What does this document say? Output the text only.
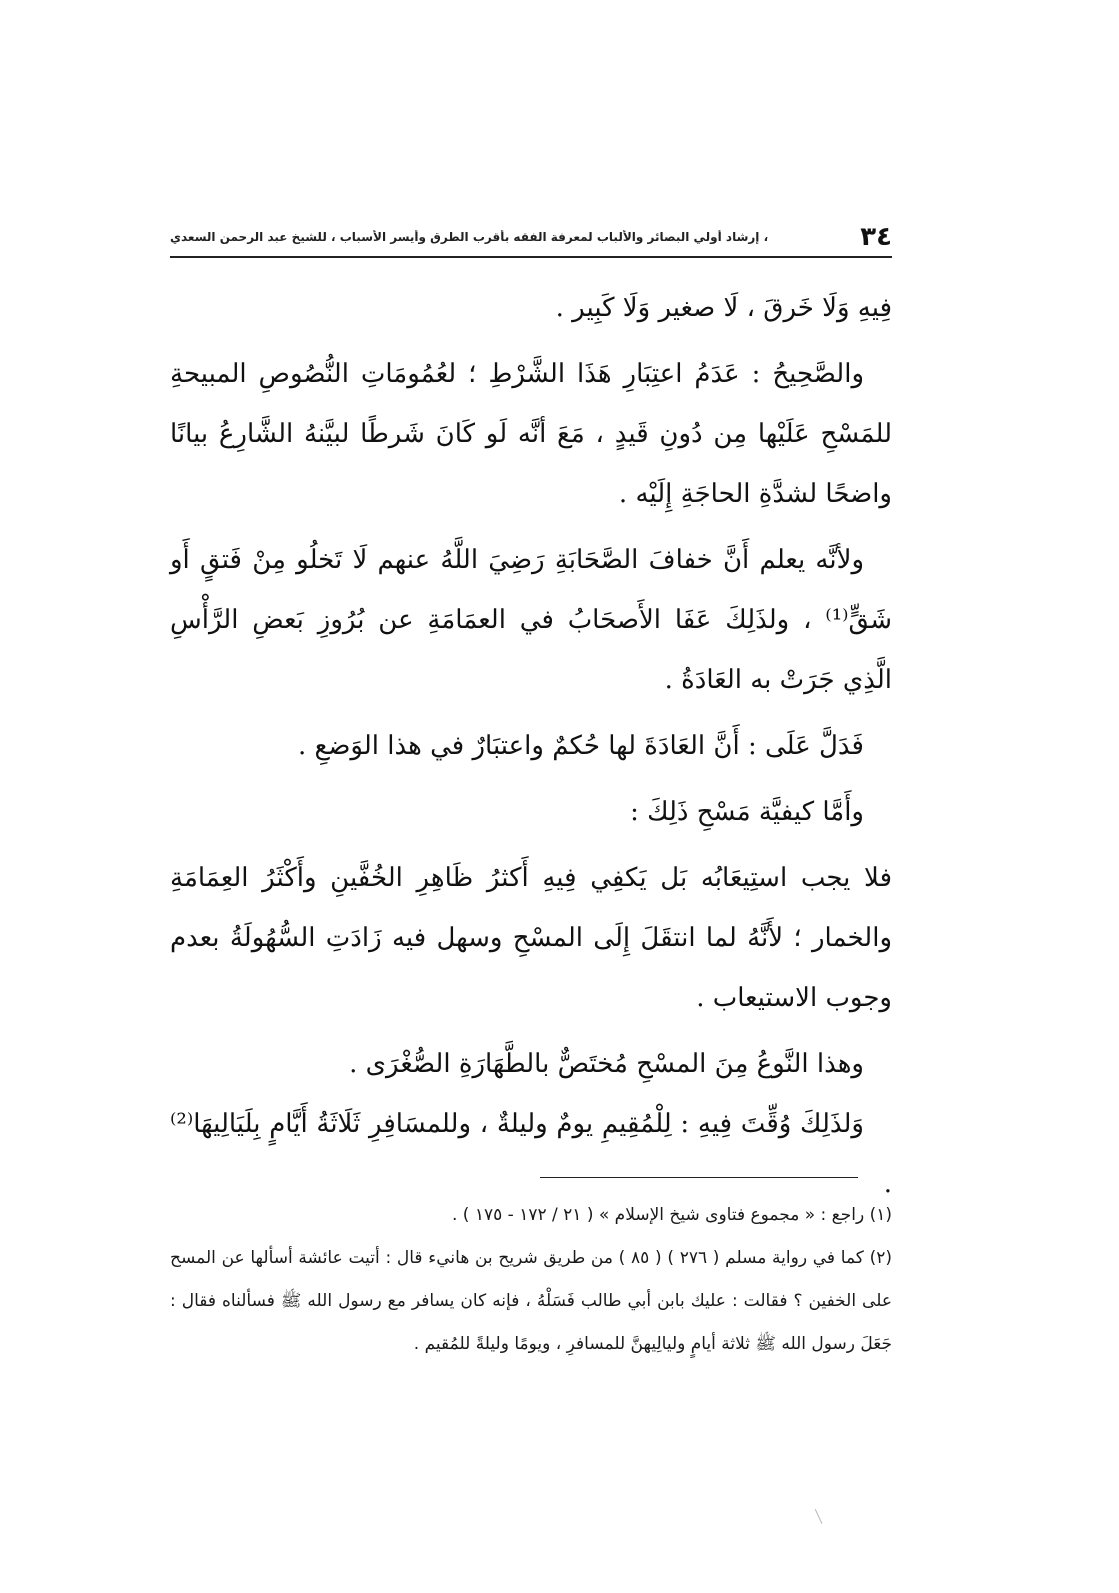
٣٤
، إرشاد أولي البصائر والألباب لمعرفة الفقه بأقرب الطرق وأيسر الأسباب ، للشيخ عبد الرحمن السعدي

فِيهِ وَلَا خَرقَ ، لَا صغير وَلَا كَبِير .

والصَّحِيحُ : عَدَمُ اعتِبَارِ هَذَا الشَّرْطِ ؛ لعُمُومَاتِ النُّصُوصِ المبيحةِ للمَسْحِ عَلَيْها مِن دُونِ قَيدٍ ، مَعَ أنَّه لَو كَانَ شَرطًا لبيَّنهُ الشَّارِعُ بيانًا واضحًا لشدَّةِ الحاجَةِ إِلَيْه .

ولأنَّه يعلم أَنَّ خفافَ الصَّحَابَةِ رَضِيَ اللَّهُ عنهم لَا تَخلُو مِنْ فَتقٍ أَو شَقٍّ⁽¹⁾ ، ولذَلِكَ عَفَا الأَصحَابُ في العمَامَةِ عن بُرُوزِ بَعضِ الرَّأْسِ الَّذِي جَرَتْ به العَادَةُ .

فَدَلَّ عَلَى : أَنَّ العَادَةَ لها حُكمٌ واعتبَارٌ في هذا الوَضعِ .

وأَمَّا كيفيَّة مَسْحِ ذَلِكَ :

فلا يجب استِيعَابُه بَل يَكفِي فِيهِ أَكثرُ ظَاهِرِ الخُفَّينِ وأَكْثَرُ العِمَامَةِ والخمار ؛ لأَنَّهُ لما انتقَلَ إِلَى المسْحِ وسهل فيه زَادَتِ السُّهُولَةُ بعدم وجوب الاستيعاب .

وهذا النَّوعُ مِنَ المسْحِ مُختَصٌّ بالطَّهَارَةِ الصُّغْرَى .

وَلذَلِكَ وُقِّتَ فِيهِ : لِلْمُقِيمِ يومٌ وليلةٌ ، وللمسَافِرِ ثَلَاثَةُ أَيَّامٍ بِلَيَالِيهَا⁽²⁾ .

(١) راجع : « مجموع فتاوى شيخ الإسلام » ( ٢١ / ١٧٢ - ١٧٥ ) .

(٢) كما في رواية مسلم ( ٢٧٦ ) ( ٨٥ ) من طريق شريح بن هانيء قال : أتيت عائشة أسألها عن المسح على الخفين ؟ فقالت : عليك بابن أبي طالب فَسَلْهُ ، فإنه كان يسافر مع رسول الله ﷺ فسألناه فقال : جَعَلَ رسول الله ﷺ ثلاثة أيامٍ وليالِيهنَّ للمسافرِ ، ويومًا وليلةً للمُقيم .
